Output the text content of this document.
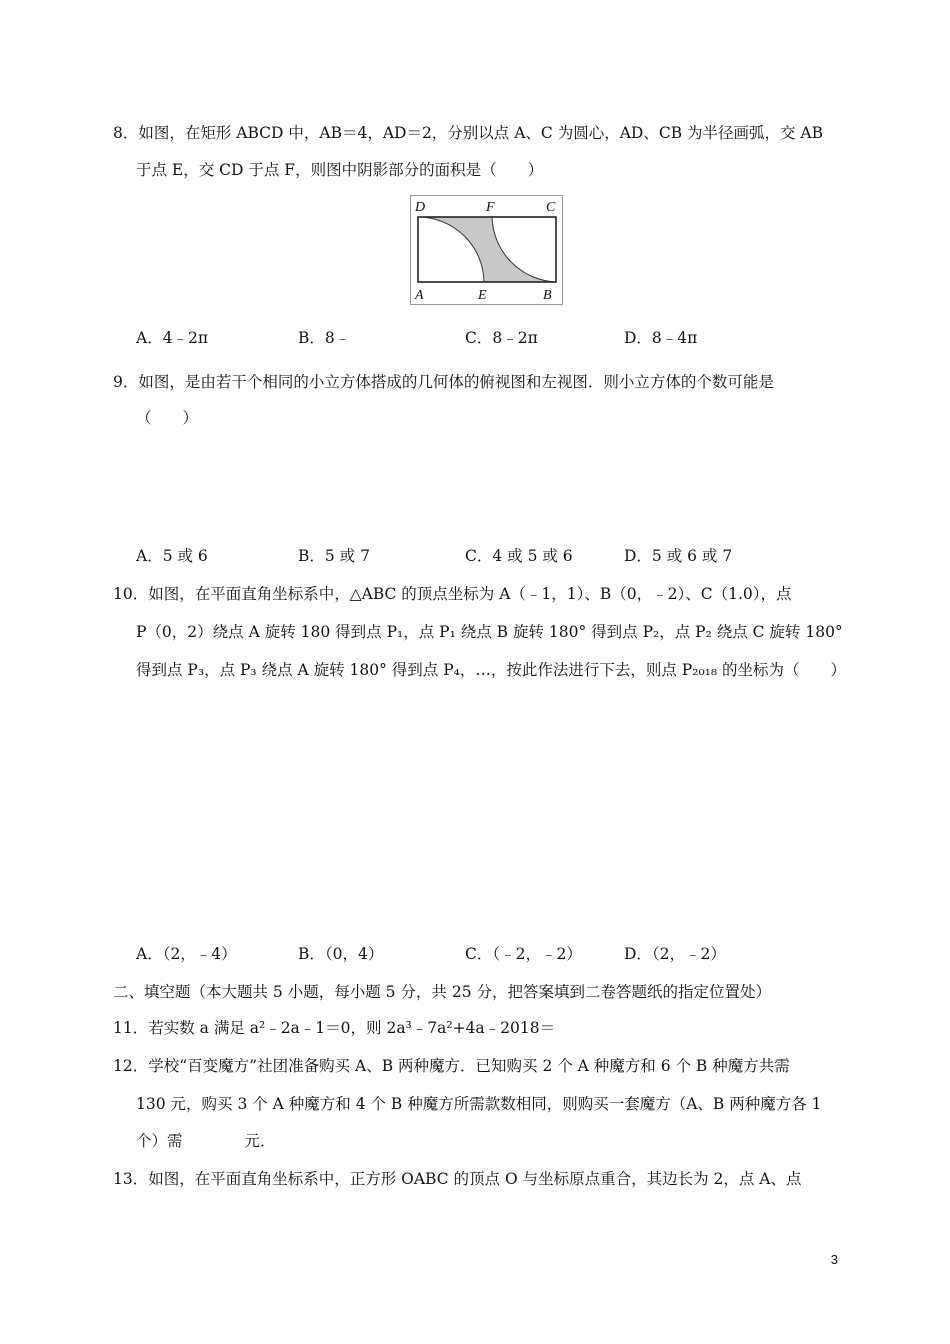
8．如图，在矩形 ABCD 中，AB＝4，AD＝2，分别以点 A、C 为圆心，AD、CB 为半径画弧，交 AB
于点 E，交 CD 于点 F，则图中阴影部分的面积是（　　）
D	F	C
A	E	B
A．4﹣2π	B．8﹣	C．8﹣2π	D．8﹣4π
9．如图，是由若干个相同的小立方体搭成的几何体的俯视图和左视图．则小立方体的个数可能是
（　　）
A．5 或 6	B．5 或 7	C．4 或 5 或 6	D．5 或 6 或 7
10．如图，在平面直角坐标系中，△ABC 的顶点坐标为 A（﹣1，1）、B（0，﹣2）、C（1.0），点
P（0，2）绕点 A 旋转 180 得到点 P₁，点 P₁ 绕点 B 旋转 180° 得到点 P₂，点 P₂ 绕点 C 旋转 180°
得到点 P₃，点 P₃ 绕点 A 旋转 180° 得到点 P₄，…，按此作法进行下去，则点 P₂₀₁₈ 的坐标为（　　）
A．（2，﹣4）	B．（0，4）	C．（﹣2，﹣2）	D．（2，﹣2）
二、填空题（本大题共 5 小题，每小题 5 分，共 25 分，把答案填到二卷答题纸的指定位置处）
11．若实数 a 满足 a²﹣2a﹣1＝0，则 2a³﹣7a²+4a﹣2018＝
12．学校“百变魔方”社团准备购买 A、B 两种魔方．已知购买 2 个 A 种魔方和 6 个 B 种魔方共需
130 元，购买 3 个 A 种魔方和 4 个 B 种魔方所需款数相同，则购买一套魔方（A、B 两种魔方各 1
个）需　　　　元．
13．如图，在平面直角坐标系中，正方形 OABC 的顶点 O 与坐标原点重合，其边长为 2，点 A、点
3
